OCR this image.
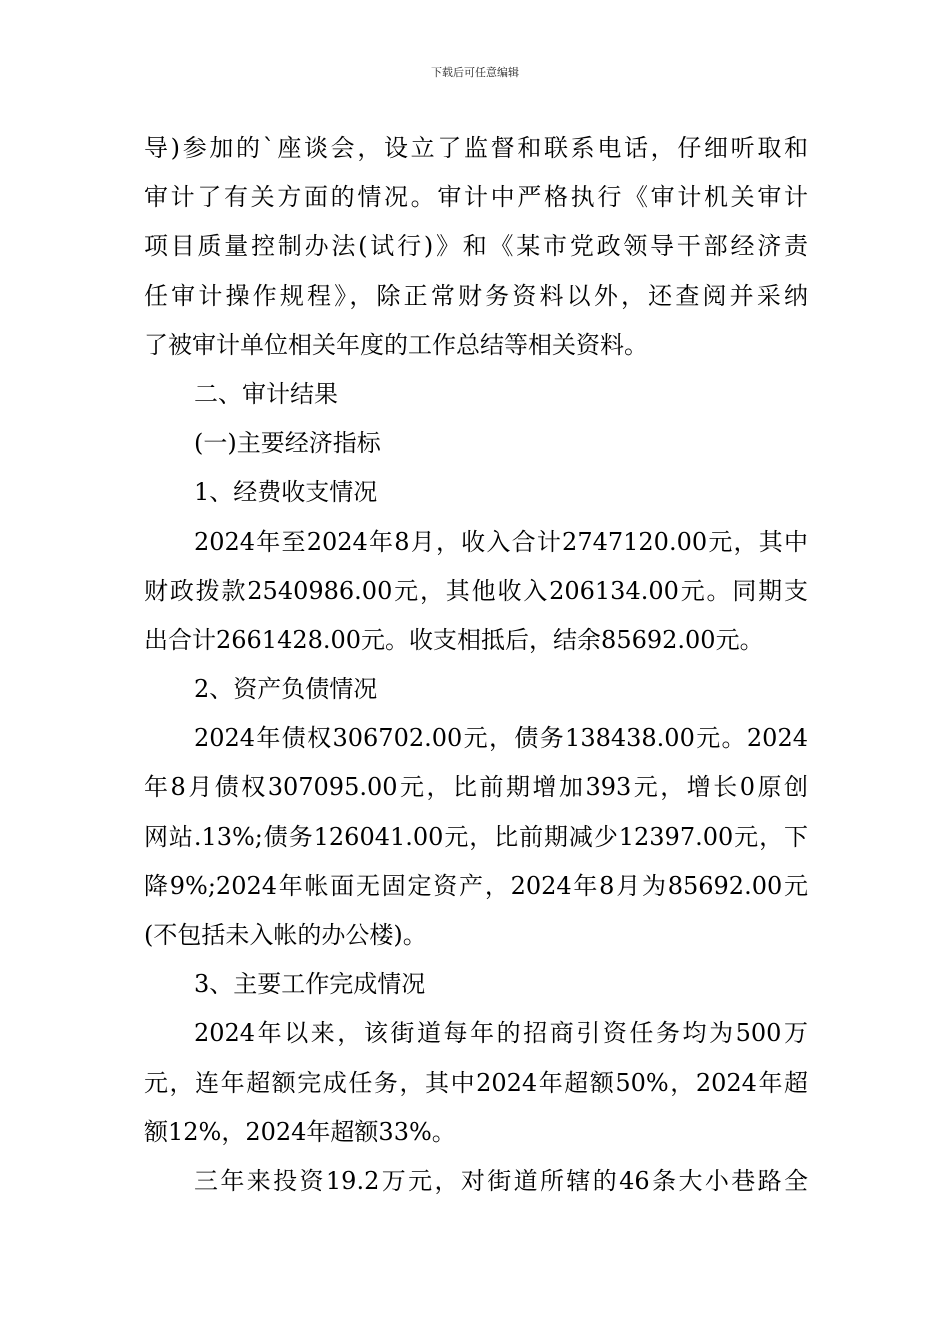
下载后可任意编辑
导)参加的`座谈会，设立了监督和联系电话，仔细听取和
审计了有关方面的情况。审计中严格执行《审计机关审计
项目质量控制办法(试行)》和《某市党政领导干部经济责
任审计操作规程》，除正常财务资料以外，还查阅并采纳
了被审计单位相关年度的工作总结等相关资料。
二、审计结果
(一)主要经济指标
1、经费收支情况
2024年至2024年8月，收入合计2747120.00元，其中
财政拨款2540986.00元，其他收入206134.00元。同期支
出合计2661428.00元。收支相抵后，结余85692.00元。
2、资产负债情况
2024年债权306702.00元，债务138438.00元。2024
年8月债权307095.00元，比前期增加393元，增长0原创
网站.13%;债务126041.00元，比前期减少12397.00元，下
降9%;2024年帐面无固定资产，2024年8月为85692.00元
(不包括未入帐的办公楼)。
3、主要工作完成情况
2024年以来，该街道每年的招商引资任务均为500万
元，连年超额完成任务，其中2024年超额50%，2024年超
额12%，2024年超额33%。
三年来投资19.2万元，对街道所辖的46条大小巷路全
